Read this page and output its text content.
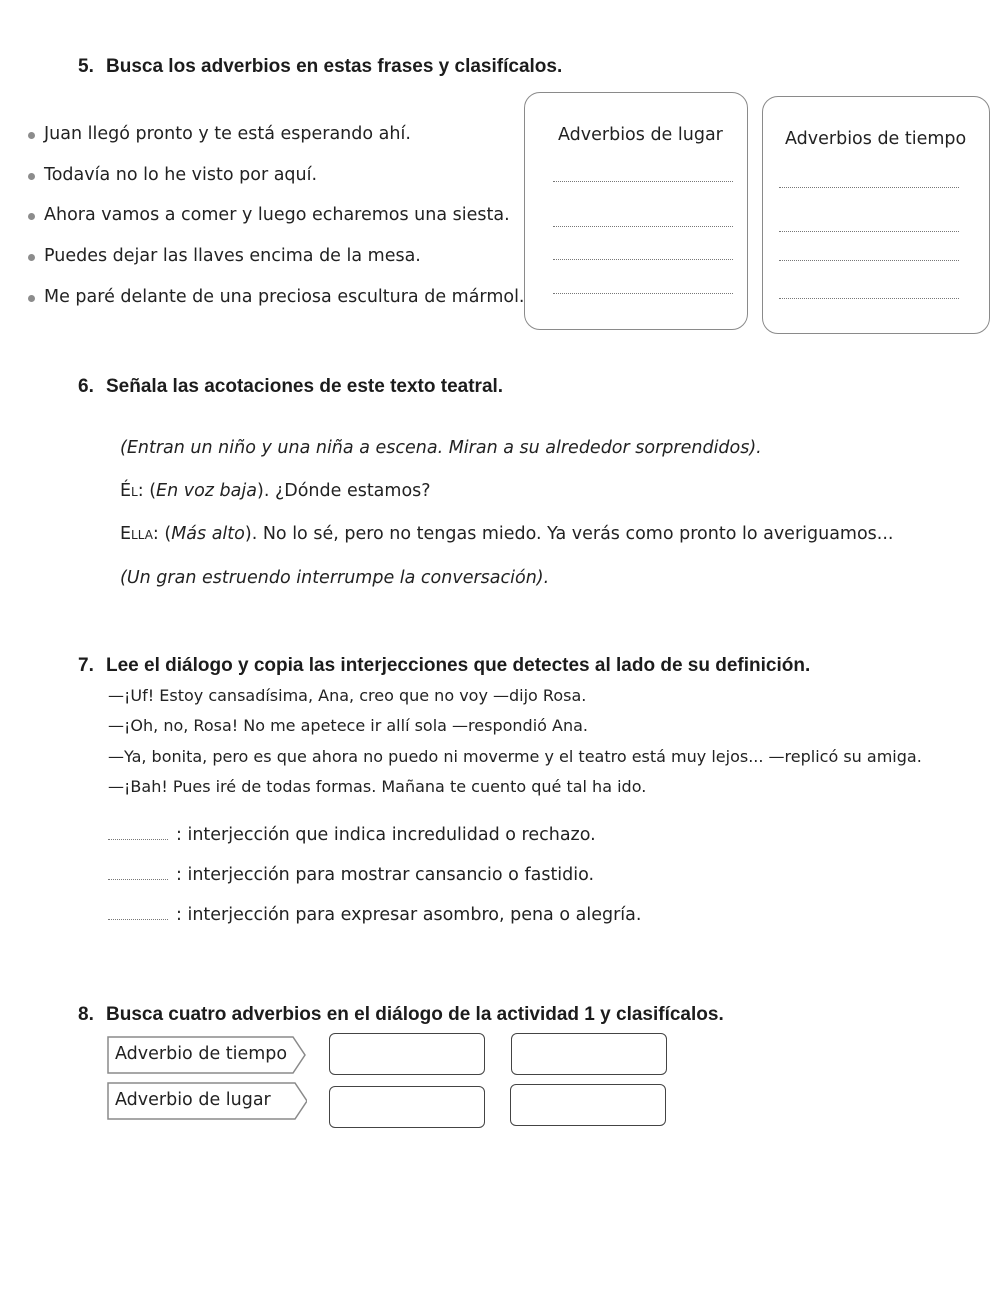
5. Busca los adverbios en estas frases y clasifícalos.
Juan llegó pronto y te está esperando ahí.
Todavía no lo he visto por aquí.
Ahora vamos a comer y luego echaremos una siesta.
Puedes dejar las llaves encima de la mesa.
Me paré delante de una preciosa escultura de mármol.
Adverbios de lugar	Adverbios de tiempo
6. Señala las acotaciones de este texto teatral.
(Entran un niño y una niña a escena. Miran a su alrededor sorprendidos).
Él: (En voz baja). ¿Dónde estamos?
Ella: (Más alto). No lo sé, pero no tengas miedo. Ya verás como pronto lo averiguamos...
(Un gran estruendo interrumpe la conversación).
7. Lee el diálogo y copia las interjecciones que detectes al lado de su definición.
—¡Uf! Estoy cansadísima, Ana, creo que no voy —dijo Rosa.
—¡Oh, no, Rosa! No me apetece ir allí sola —respondió Ana.
—Ya, bonita, pero es que ahora no puedo ni moverme y el teatro está muy lejos... —replicó su amiga.
—¡Bah! Pues iré de todas formas. Mañana te cuento qué tal ha ido.
: interjección que indica incredulidad o rechazo.
: interjección para mostrar cansancio o fastidio.
: interjección para expresar asombro, pena o alegría.
8. Busca cuatro adverbios en el diálogo de la actividad 1 y clasifícalos.
Adverbio de tiempo
Adverbio de lugar
